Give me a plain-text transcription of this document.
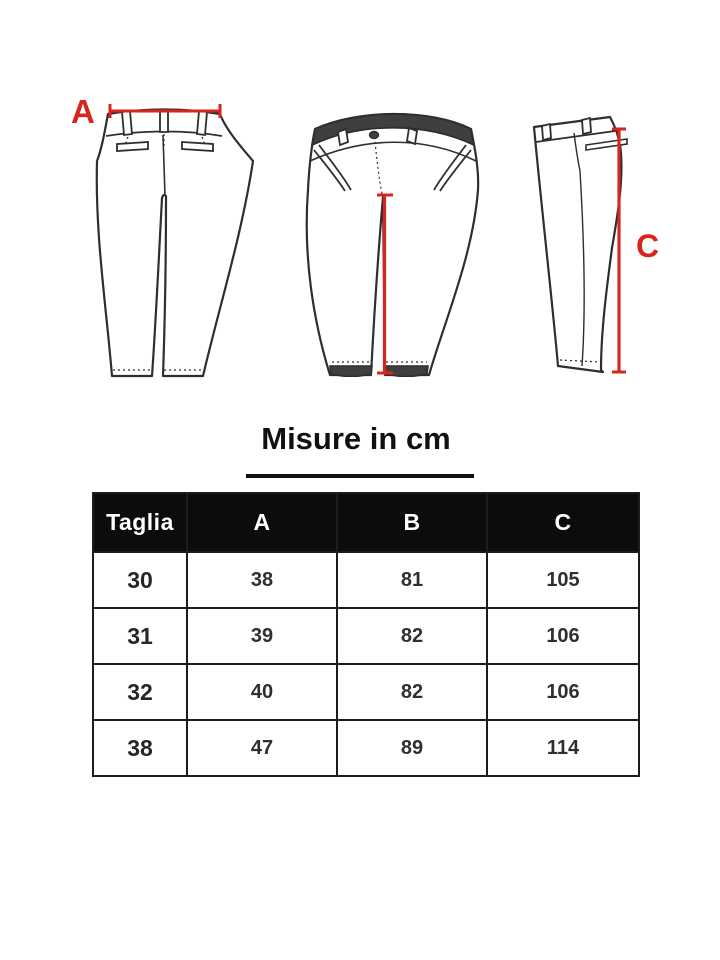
A
C
Misure in cm
Taglia	A	B	C
30	38	81	105
31	39	82	106
32	40	82	106
38	47	89	114
